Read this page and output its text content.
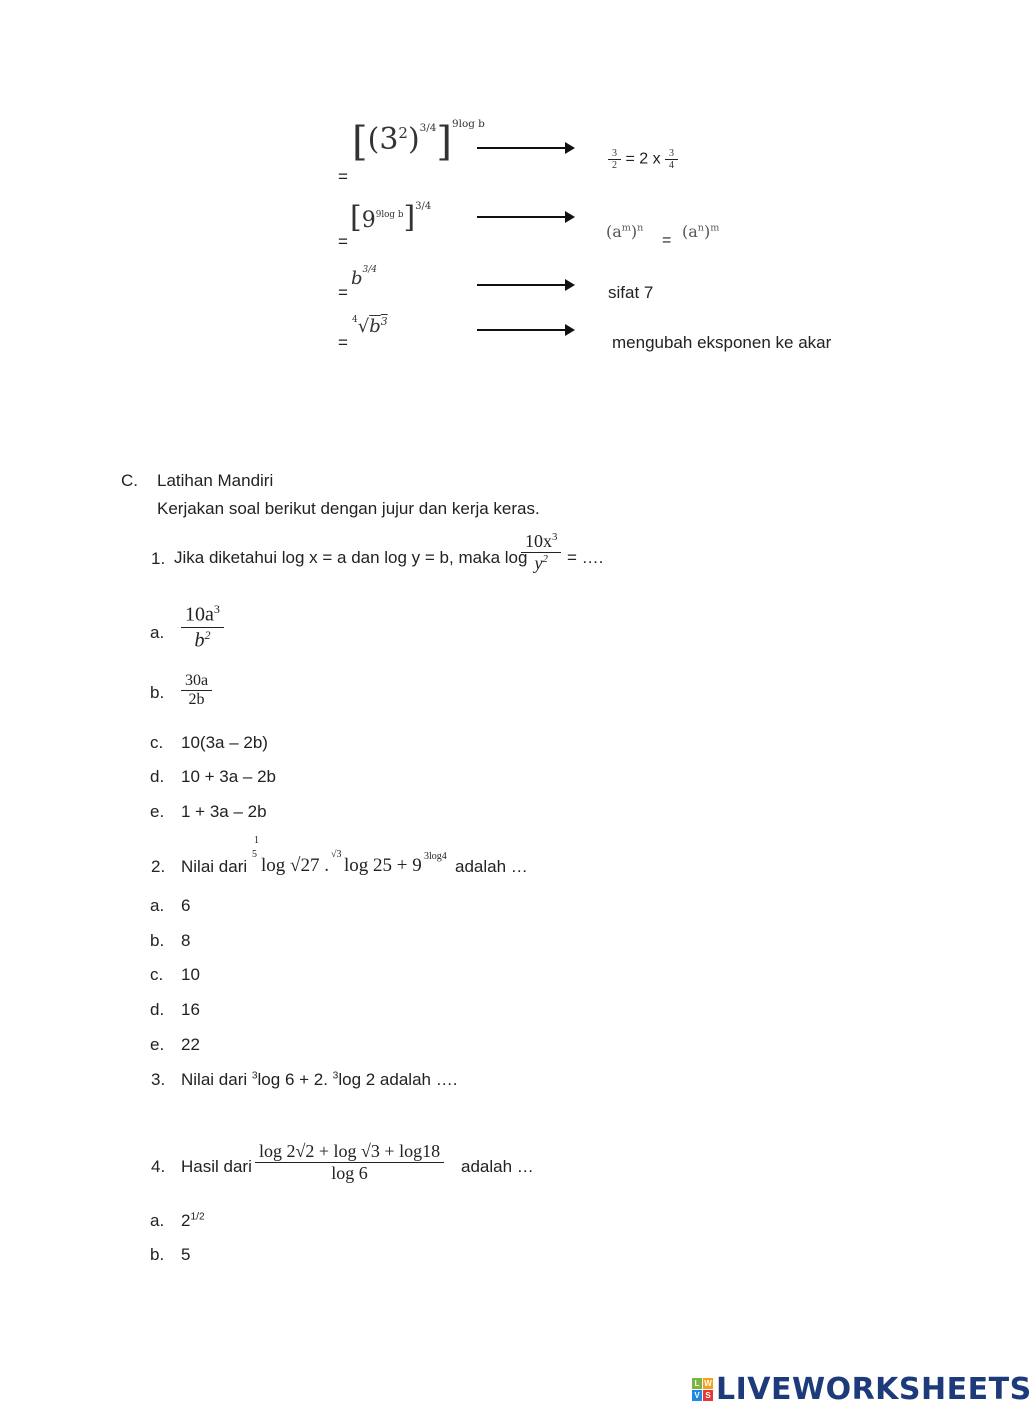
=
$[(3^2)^{3/4}]^{9log b}$
$\frac{3}{2} = 2$ x $\frac{3}{4}$
=
$[9^{9log b}]^{3/4}$
$(a^m)^n$
= $(a^n)^m$
=
$b^{3/4}$
sifat 7
=
$^4√b^3$
mengubah eksponen ke akar
C. Latihan Mandiri
Kerjakan soal berikut dengan jujur dan kerja keras.
1. Jika diketahui log x = a dan log y = b, maka log
$\frac{10x^3}{y^2}$ = ….
a. $\frac{10a^3}{b^2}$
b. $\frac{30a}{2b}$
c. 10(3a – 2b)
d. 10 + 3a – 2b
e. 1 + 3a – 2b
2. Nilai dari
1
5
log √27 .
√3
log 25 + 9 3log4
adalah …
a. 6
b. 8
c. 10
d. 16
e. 22
3. Nilai dari $^3$log 6 + 2. $^3$log 2 adalah ….
4. Hasil dari $\frac{\log 2√2 + \log √3 + \log 18}{\log 6}$ adalah …
a. $2^{1/2}$
b. 5
L W
V S LIVEWORKSHEETS
